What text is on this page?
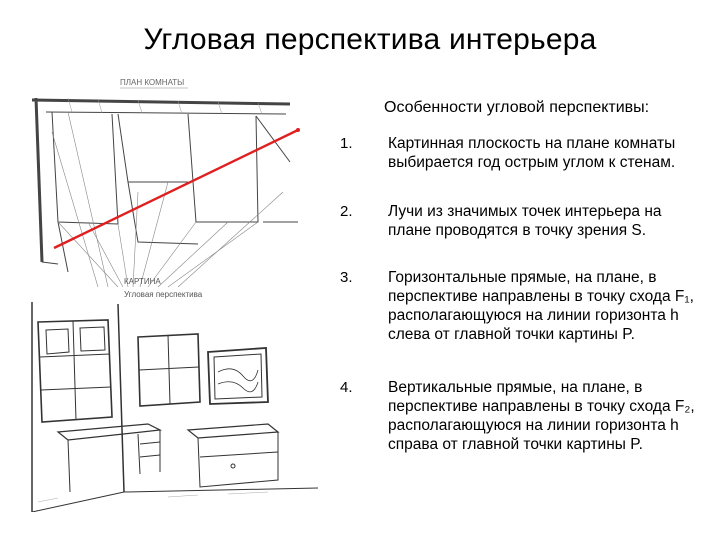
Угловая перспектива интерьера
ПЛАН КОМНАТЫ
КАРТИНА
Угловая перспектива
Особенности угловой перспективы:
1. Картинная плоскость на плане комнаты выбирается год острым углом к стенам.
2. Лучи из значимых точек интерьера на плане проводятся в точку зрения S.
3. Горизонтальные прямые, на плане, в перспективе направлены в точку схода F₁, располагающуюся на линии горизонта h слева от главной точки картины P.
4. Вертикальные прямые, на плане, в перспективе направлены в точку схода F₂, располагающуюся на линии горизонта h справа от главной точки картины P.
